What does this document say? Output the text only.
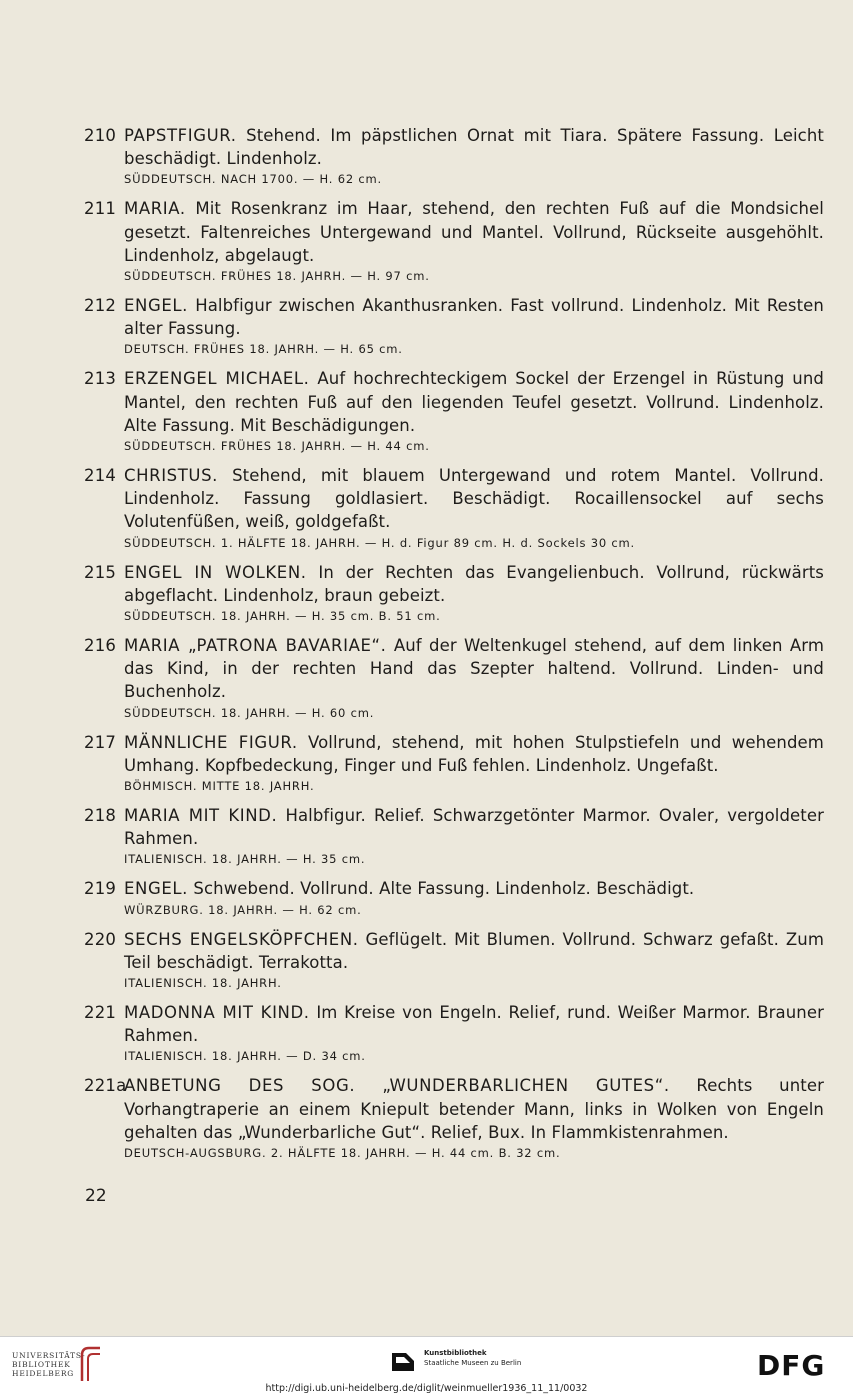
210 PAPSTFIGUR. Stehend. Im päpstlichen Ornat mit Tiara. Spätere Fassung. Leicht beschädigt. Lindenholz.
SÜDDEUTSCH. NACH 1700. — H. 62 cm.
211 MARIA. Mit Rosenkranz im Haar, stehend, den rechten Fuß auf die Mondsichel gesetzt. Faltenreiches Untergewand und Mantel. Vollrund, Rückseite ausgehöhlt. Lindenholz, abgelaugt.
SÜDDEUTSCH. FRÜHES 18. JAHRH. — H. 97 cm.
212 ENGEL. Halbfigur zwischen Akanthusranken. Fast vollrund. Lindenholz. Mit Resten alter Fassung.
DEUTSCH. FRÜHES 18. JAHRH. — H. 65 cm.
213 ERZENGEL MICHAEL. Auf hochrechteckigem Sockel der Erzengel in Rüstung und Mantel, den rechten Fuß auf den liegenden Teufel gesetzt. Vollrund. Lindenholz. Alte Fassung. Mit Beschädigungen.
SÜDDEUTSCH. FRÜHES 18. JAHRH. — H. 44 cm.
214 CHRISTUS. Stehend, mit blauem Untergewand und rotem Mantel. Vollrund. Lindenholz. Fassung goldlasiert. Beschädigt. Rocaillensockel auf sechs Volutenfüßen, weiß, goldgefaßt.
SÜDDEUTSCH. 1. HÄLFTE 18. JAHRH. — H. d. Figur 89 cm. H. d. Sockels 30 cm.
215 ENGEL IN WOLKEN. In der Rechten das Evangelienbuch. Vollrund, rückwärts abgeflacht. Lindenholz, braun gebeizt.
SÜDDEUTSCH. 18. JAHRH. — H. 35 cm. B. 51 cm.
216 MARIA „PATRONA BAVARIAE“. Auf der Weltenkugel stehend, auf dem linken Arm das Kind, in der rechten Hand das Szepter haltend. Vollrund. Linden- und Buchenholz.
SÜDDEUTSCH. 18. JAHRH. — H. 60 cm.
217 MÄNNLICHE FIGUR. Vollrund, stehend, mit hohen Stulpstiefeln und wehendem Umhang. Kopfbedeckung, Finger und Fuß fehlen. Lindenholz. Ungefaßt.
BÖHMISCH. MITTE 18. JAHRH.
218 MARIA MIT KIND. Halbfigur. Relief. Schwarzgetönter Marmor. Ovaler, vergoldeter Rahmen.
ITALIENISCH. 18. JAHRH. — H. 35 cm.
219 ENGEL. Schwebend. Vollrund. Alte Fassung. Lindenholz. Beschädigt.
WÜRZBURG. 18. JAHRH. — H. 62 cm.
220 SECHS ENGELSKÖPFCHEN. Geflügelt. Mit Blumen. Vollrund. Schwarz gefaßt. Zum Teil beschädigt. Terrakotta.
ITALIENISCH. 18. JAHRH.
221 MADONNA MIT KIND. Im Kreise von Engeln. Relief, rund. Weißer Marmor. Brauner Rahmen.
ITALIENISCH. 18. JAHRH. — D. 34 cm.
221a
ANBETUNG DES SOG. „WUNDERBARLICHEN GUTES“. Rechts unter Vorhangtraperie an einem Kniepult betender Mann, links in Wolken von Engeln gehalten das „Wunderbarliche Gut“. Relief, Bux. In Flammkistenrahmen.
DEUTSCH-AUGSBURG. 2. HÄLFTE 18. JAHRH. — H. 44 cm. B. 32 cm.
22
UNIVERSITÄTS-
BIBLIOTHEK
HEIDELBERG
Kunstbibliothek
Staatliche Museen zu Berlin	DFG
http://digi.ub.uni-heidelberg.de/diglit/weinmueller1936_11_11/0032
